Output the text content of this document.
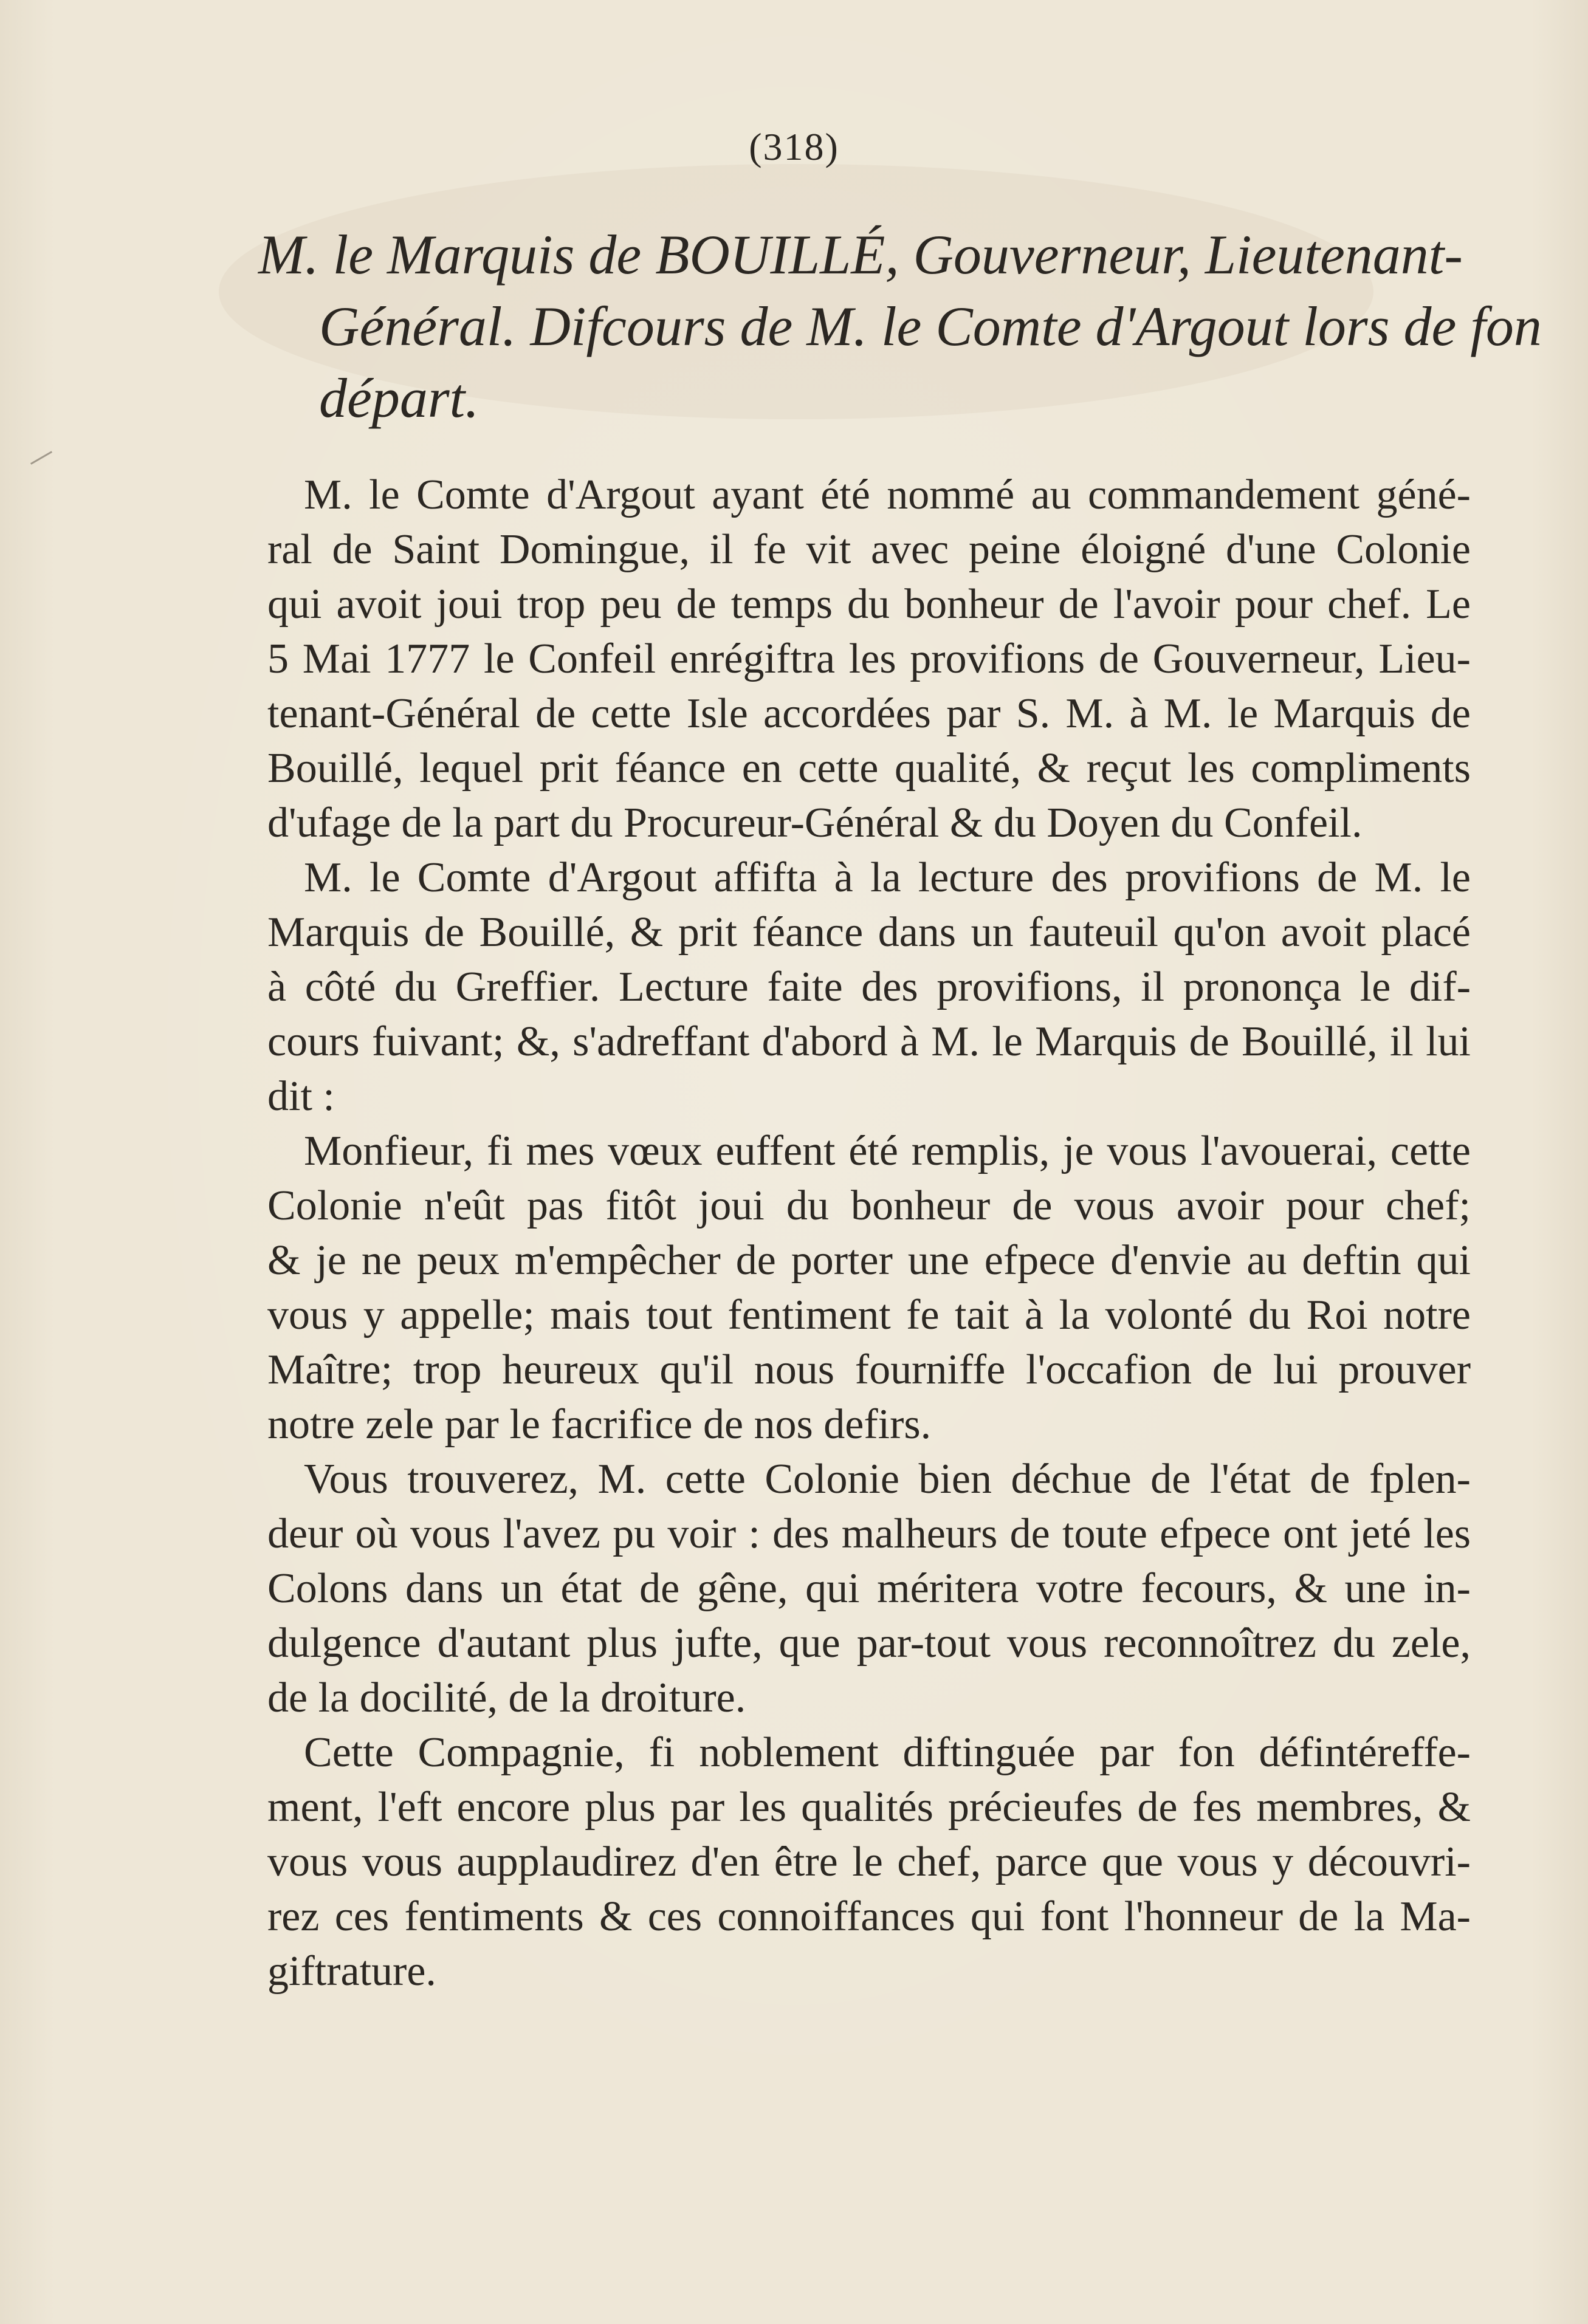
(318)
M. le Marquis de BOUILLÉ, Gouverneur, Lieutenant-
Général. Difcours de M. le Comte d'Argout lors de fon
départ.

M. le Comte d'Argout ayant été nommé au commandement géné-
ral de Saint Domingue, il fe vit avec peine éloigné d'une Colonie
qui avoit joui trop peu de temps du bonheur de l'avoir pour chef. Le
5 Mai 1777 le Confeil enrégiftra les provifions de Gouverneur, Lieu-
tenant-Général de cette Isle accordées par S. M. à M. le Marquis de
Bouillé, lequel prit féance en cette qualité, & reçut les compliments
d'ufage de la part du Procureur-Général & du Doyen du Confeil.

M. le Comte d'Argout affifta à la lecture des provifions de M. le
Marquis de Bouillé, & prit féance dans un fauteuil qu'on avoit placé
à côté du Greffier. Lecture faite des provifions, il prononça le dif-
cours fuivant; &, s'adreffant d'abord à M. le Marquis de Bouillé, il lui
dit :

Monfieur, fi mes vœux euffent été remplis, je vous l'avouerai, cette
Colonie n'eût pas fitôt joui du bonheur de vous avoir pour chef;
& je ne peux m'empêcher de porter une efpece d'envie au deftin qui
vous y appelle; mais tout fentiment fe tait à la volonté du Roi notre
Maître; trop heureux qu'il nous fourniffe l'occafion de lui prouver
notre zele par le facrifice de nos defirs.

Vous trouverez, M. cette Colonie bien déchue de l'état de fplen-
deur où vous l'avez pu voir : des malheurs de toute efpece ont jeté les
Colons dans un état de gêne, qui méritera votre fecours, & une in-
dulgence d'autant plus jufte, que par-tout vous reconnoîtrez du zele,
de la docilité, de la droiture.

Cette Compagnie, fi noblement diftinguée par fon défintéreffe-
ment, l'eft encore plus par les qualités précieufes de fes membres, &
vous vous aupplaudirez d'en être le chef, parce que vous y découvri-
rez ces fentiments & ces connoiffances qui font l'honneur de la Ma-
giftrature.
